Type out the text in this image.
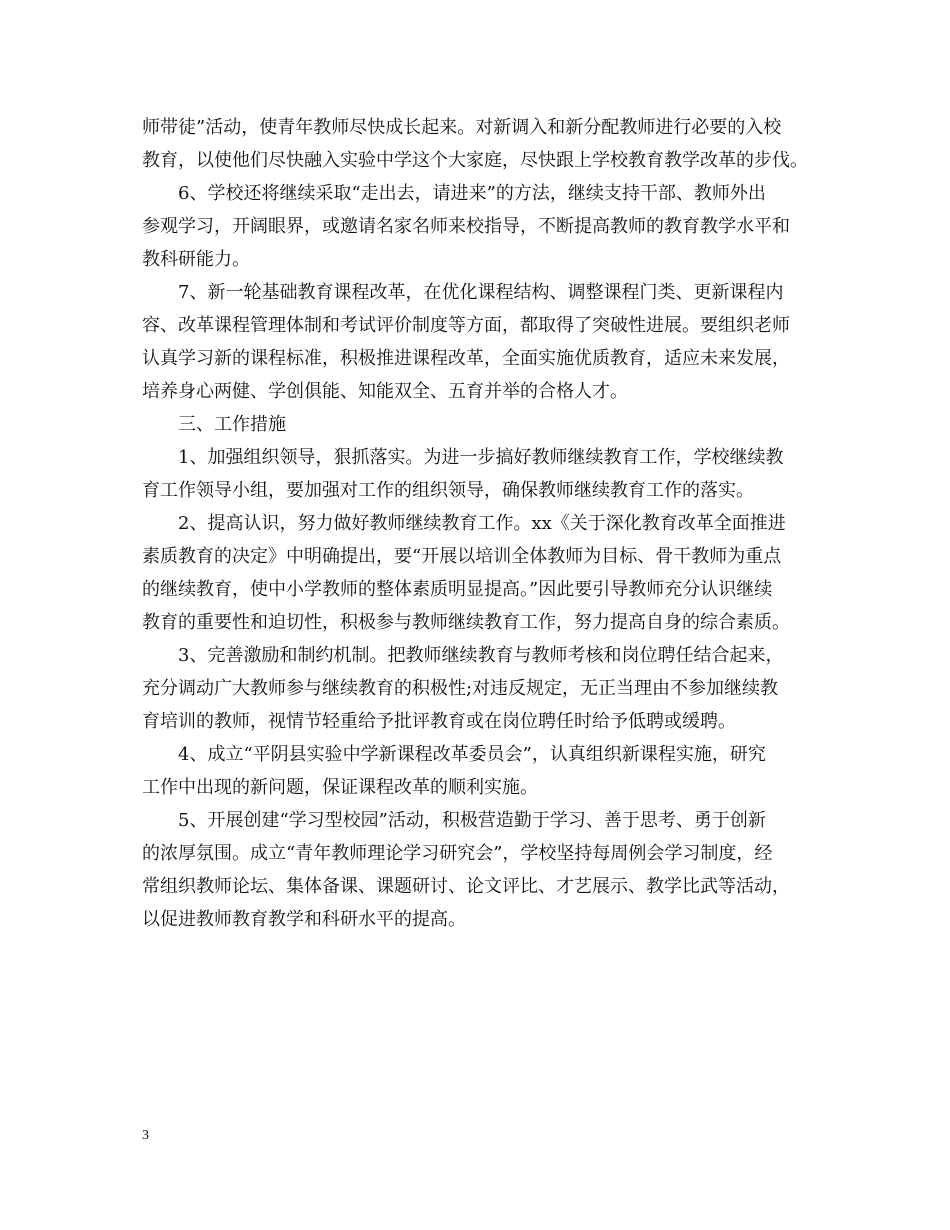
师带徒”活动，使青年教师尽快成长起来。对新调入和新分配教师进行必要的入校
教育，以使他们尽快融入实验中学这个大家庭，尽快跟上学校教育教学改革的步伐。
6、学校还将继续采取“走出去，请进来”的方法，继续支持干部、教师外出
参观学习，开阔眼界，或邀请名家名师来校指导，不断提高教师的教育教学水平和
教科研能力。
7、新一轮基础教育课程改革，在优化课程结构、调整课程门类、更新课程内
容、改革课程管理体制和考试评价制度等方面，都取得了突破性进展。要组织老师
认真学习新的课程标准，积极推进课程改革，全面实施优质教育，适应未来发展，
培养身心两健、学创俱能、知能双全、五育并举的合格人才。
三、工作措施
1、加强组织领导，狠抓落实。为进一步搞好教师继续教育工作，学校继续教
育工作领导小组，要加强对工作的组织领导，确保教师继续教育工作的落实。
2、提高认识，努力做好教师继续教育工作。xx《关于深化教育改革全面推进
素质教育的决定》中明确提出，要“开展以培训全体教师为目标、骨干教师为重点
的继续教育，使中小学教师的整体素质明显提高。”因此要引导教师充分认识继续
教育的重要性和迫切性，积极参与教师继续教育工作，努力提高自身的综合素质。
3、完善激励和制约机制。把教师继续教育与教师考核和岗位聘任结合起来，
充分调动广大教师参与继续教育的积极性;对违反规定，无正当理由不参加继续教
育培训的教师，视情节轻重给予批评教育或在岗位聘任时给予低聘或缓聘。
4、成立“平阴县实验中学新课程改革委员会”，认真组织新课程实施，研究
工作中出现的新问题，保证课程改革的顺利实施。
5、开展创建“学习型校园”活动，积极营造勤于学习、善于思考、勇于创新
的浓厚氛围。成立“青年教师理论学习研究会”，学校坚持每周例会学习制度，经
常组织教师论坛、集体备课、课题研讨、论文评比、才艺展示、教学比武等活动，
以促进教师教育教学和科研水平的提高。
3
